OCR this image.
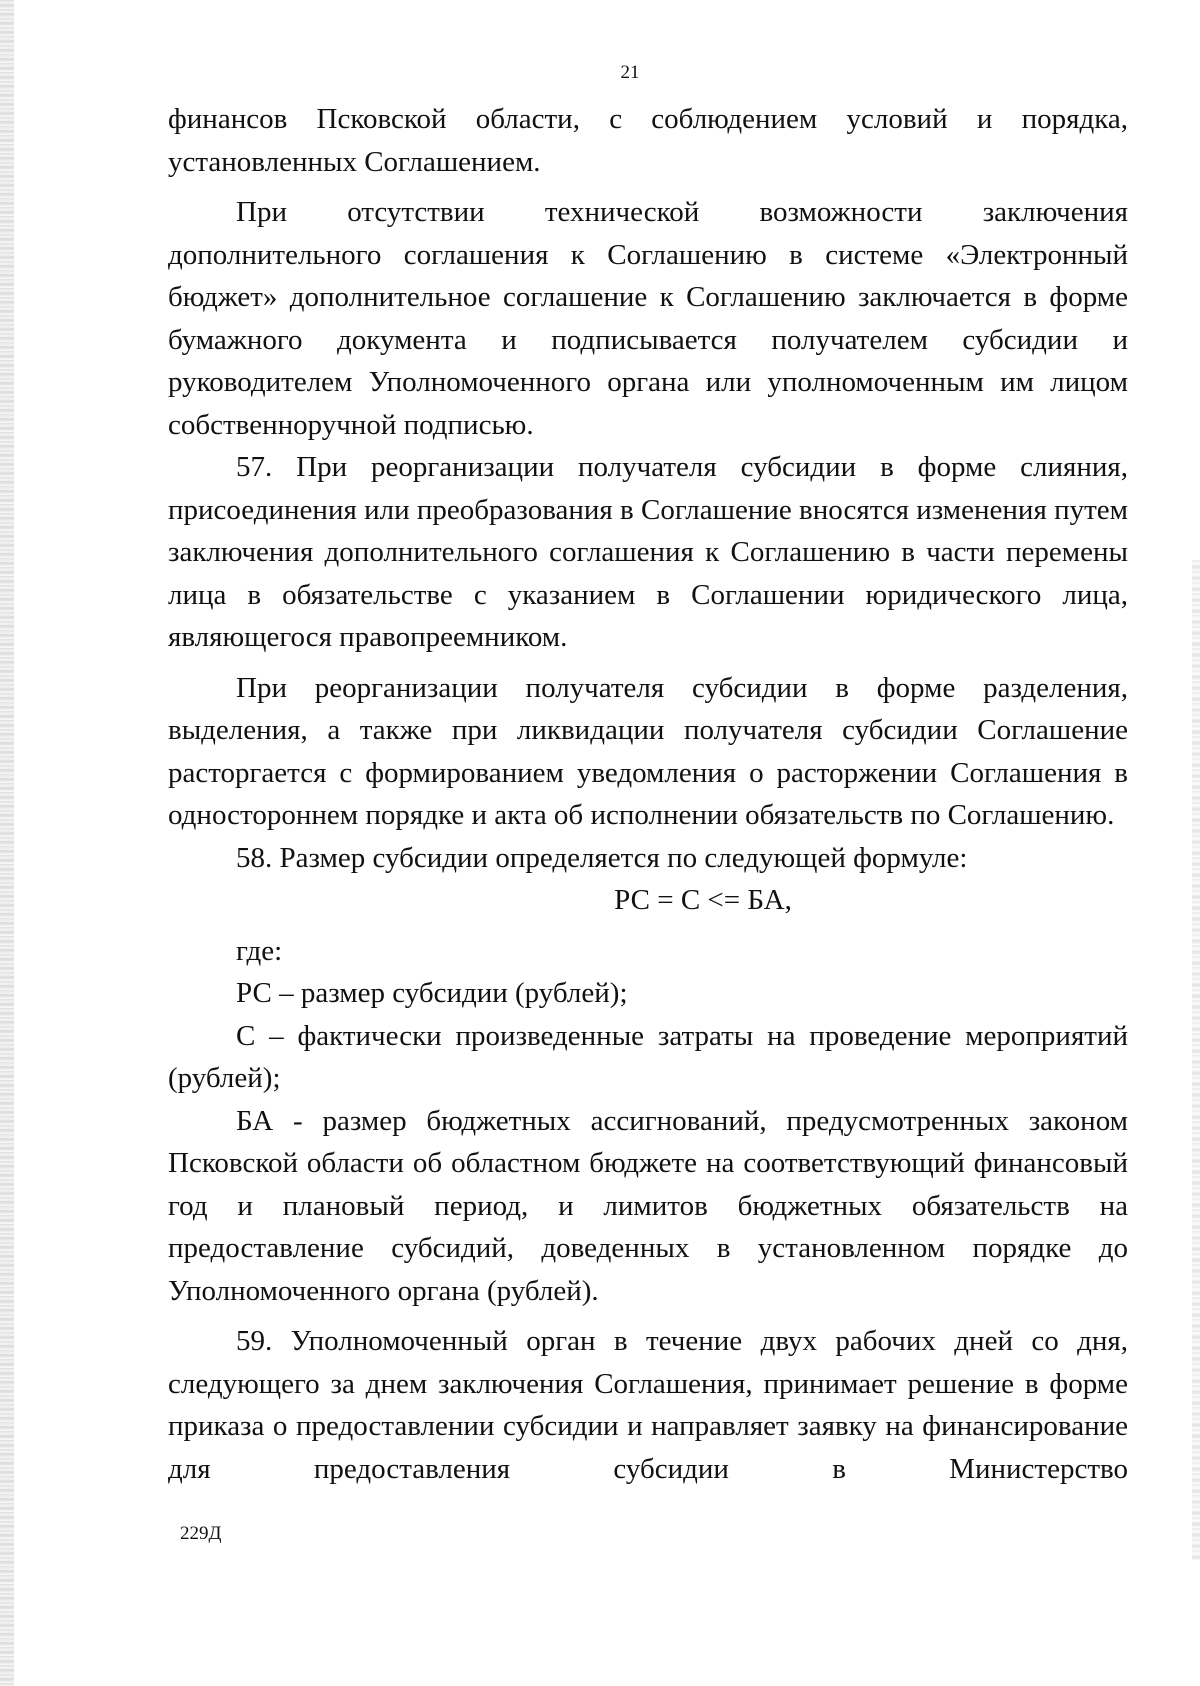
21

финансов Псковской области, с соблюдением условий и порядка, установленных Соглашением.

При отсутствии технической возможности заключения дополнительного соглашения к Соглашению в системе «Электронный бюджет» дополнительное соглашение к Соглашению заключается в форме бумажного документа и подписывается получателем субсидии и руководителем Уполномоченного органа или уполномоченным им лицом собственноручной подписью.

57. При реорганизации получателя субсидии в форме слияния, присоединения или преобразования в Соглашение вносятся изменения путем заключения дополнительного соглашения к Соглашению в части перемены лица в обязательстве с указанием в Соглашении юридического лица, являющегося правопреемником.

При реорганизации получателя субсидии в форме разделения, выделения, а также при ликвидации получателя субсидии Соглашение расторгается с формированием уведомления о расторжении Соглашения в одностороннем порядке и акта об исполнении обязательств по Соглашению.

58. Размер субсидии определяется по следующей формуле:

РС = С <= БА,

где:

РС – размер субсидии (рублей);

С – фактически произведенные затраты на проведение мероприятий (рублей);

БА - размер бюджетных ассигнований, предусмотренных законом Псковской области об областном бюджете на соответствующий финансовый год и плановый период, и лимитов бюджетных обязательств на предоставление субсидий, доведенных в установленном порядке до Уполномоченного органа (рублей).

59. Уполномоченный орган в течение двух рабочих дней со дня, следующего за днем заключения Соглашения, принимает решение в форме приказа о предоставлении субсидии и направляет заявку на финансирование для предоставления субсидии в Министерство

229Д
